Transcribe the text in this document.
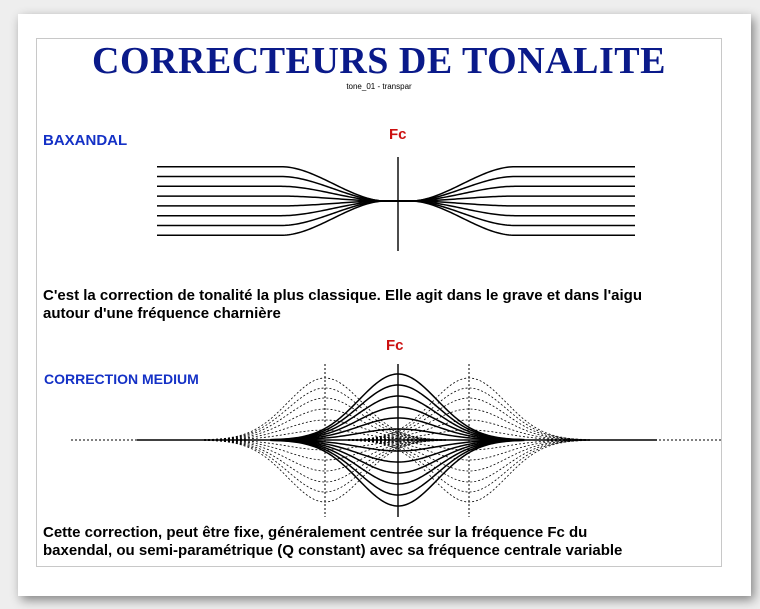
CORRECTEURS DE TONALITE
tone_01 - transpar
BAXANDAL	Fc
C'est la correction de tonalité la plus classique. Elle agit dans le grave et dans l'aigu
autour d'une fréquence charnière
Fc
CORRECTION MEDIUM
Cette correction, peut être fixe, généralement centrée sur la fréquence Fc du
baxendal, ou semi-paramétrique (Q constant) avec sa fréquence centrale variable
